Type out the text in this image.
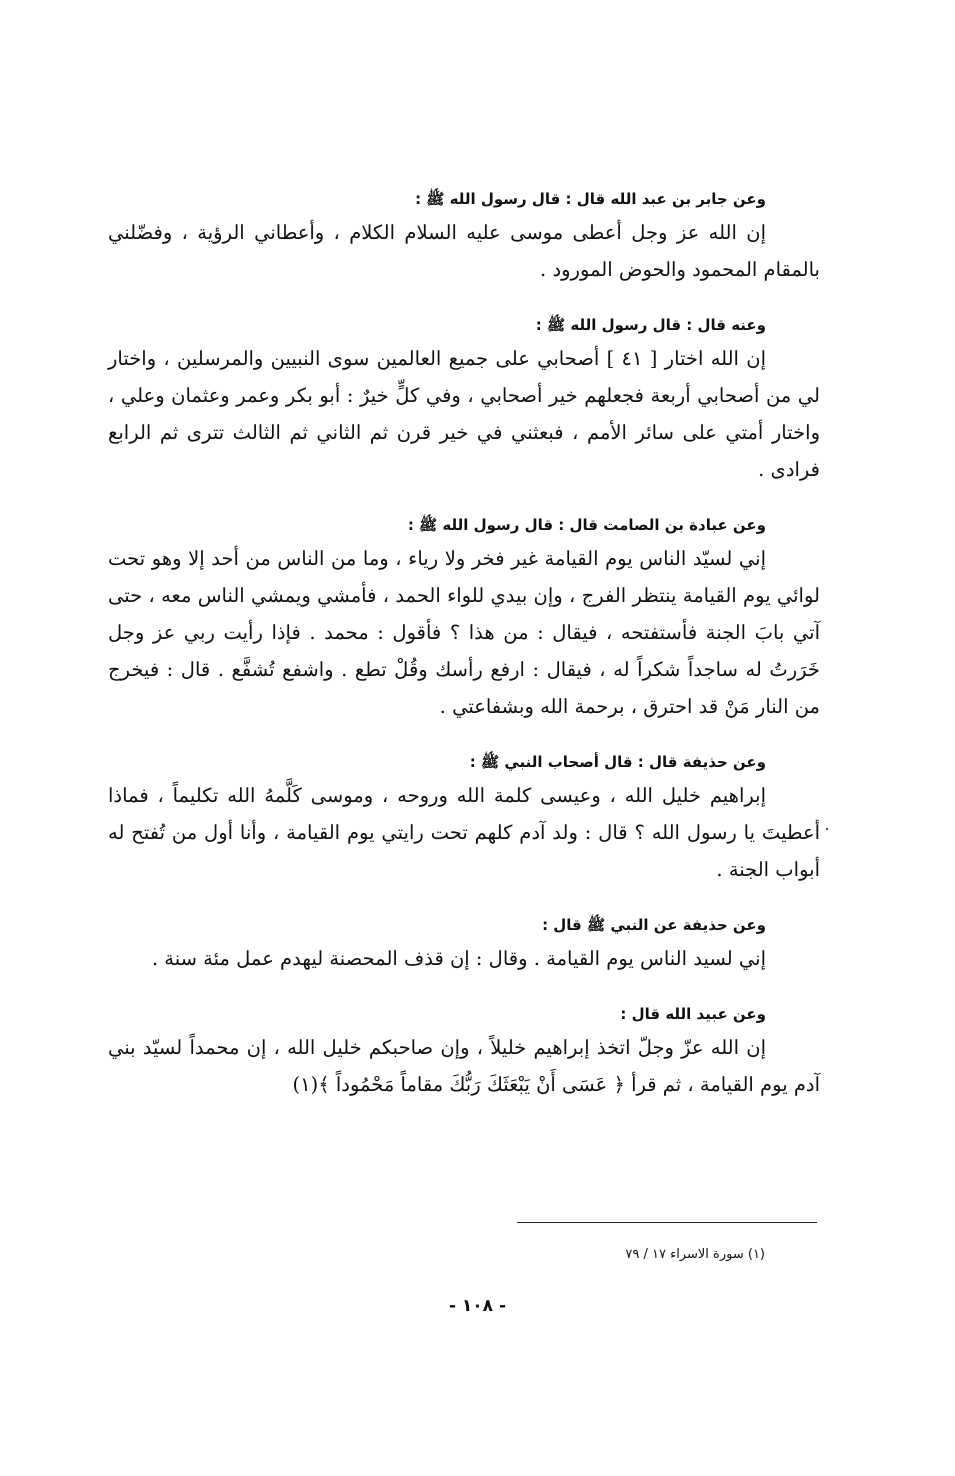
وعن جابر بن عبد الله قال : قال رسول الله ﷺ :

إن الله عز وجل أعطى موسى عليه السلام الكلام ، وأعطاني الرؤية ، وفضّلني بالمقام المحمود والحوض المورود .

وعنه قال : قال رسول الله ﷺ :

إن الله اختار [ ٤١ ] أصحابي على جميع العالمين سوى النبيين والمرسلين ، واختار لي من أصحابي أربعة فجعلهم خير أصحابي ، وفي كلٍّ خيرٌ : أبو بكر وعمر وعثمان وعلي ، واختار أمتي على سائر الأمم ، فبعثني في خير قرن ثم الثاني ثم الثالث تترى ثم الرابع فرادى .

وعن عبادة بن الصامت قال : قال رسول الله ﷺ :

إني لسيّد الناس يوم القيامة غير فخر ولا رياء ، وما من الناس من أحد إلا وهو تحت لوائي يوم القيامة ينتظر الفرج ، وإن بيدي للواء الحمد ، فأمشي ويمشي الناس معه ، حتى آتي بابَ الجنة فأستفتحه ، فيقال : من هذا ؟ فأقول : محمد . فإذا رأيت ربي عز وجل خَرَرتُ له ساجداً شكراً له ، فيقال : ارفع رأسك وقُلْ تطع . واشفع تُشفَّع . قال : فيخرج من النار مَنْ قد احترق ، برحمة الله وبشفاعتي .

وعن حذيفة قال : قال أصحاب النبي ﷺ :

إبراهيم خليل الله ، وعيسى كلمة الله وروحه ، وموسى كَلَّمهُ الله تكليماً ، فماذا أعطيتَ يا رسول الله ؟ قال : ولد آدم كلهم تحت رايتي يوم القيامة ، وأنا أول من تُفتح له أبواب الجنة .

وعن حذيفة عن النبي ﷺ قال :

إني لسيد الناس يوم القيامة . وقال : إن قذف المحصنة ليهدم عمل مئة سنة .

وعن عبيد الله قال :

إن الله عزّ وجلّ اتخذ إبراهيم خليلاً ، وإن صاحبكم خليل الله ، إن محمداً لسيّد بني آدم يوم القيامة ، ثم قرأ ﴿ عَسَى أَنْ يَبْعَثَكَ رَبُّكَ مقاماً مَحْمُوداً ﴾(١)

(١) سورة الاسراء ١٧ / ٧٩
- ١٠٨ -
